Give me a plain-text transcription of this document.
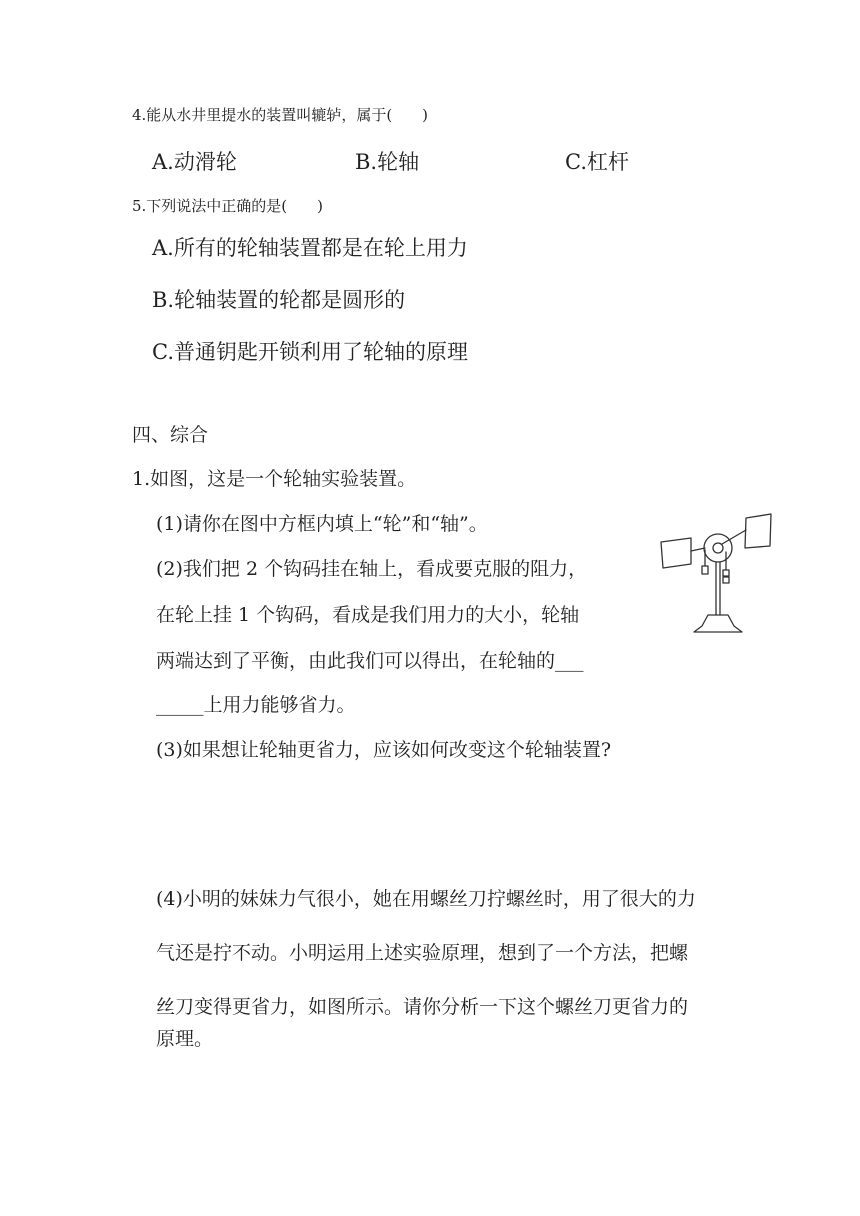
4.能从水井里提水的装置叫辘轳，属于(　　)
A.动滑轮	B.轮轴	C.杠杆
5.下列说法中正确的是(　　)
A.所有的轮轴装置都是在轮上用力
B.轮轴装置的轮都是圆形的
C.普通钥匙开锁利用了轮轴的原理
四、综合
1.如图，这是一个轮轴实验装置。
(1)请你在图中方框内填上“轮”和“轴”。
(2)我们把 2 个钩码挂在轴上，看成要克服的阻力，
在轮上挂 1 个钩码，看成是我们用力的大小，轮轴
两端达到了平衡，由此我们可以得出，在轮轴的___
_____上用力能够省力。
(3)如果想让轮轴更省力，应该如何改变这个轮轴装置?
(4)小明的妹妹力气很小，她在用螺丝刀拧螺丝时，用了很大的力
气还是拧不动。小明运用上述实验原理，想到了一个方法，把螺
丝刀变得更省力，如图所示。请你分析一下这个螺丝刀更省力的
原理。
